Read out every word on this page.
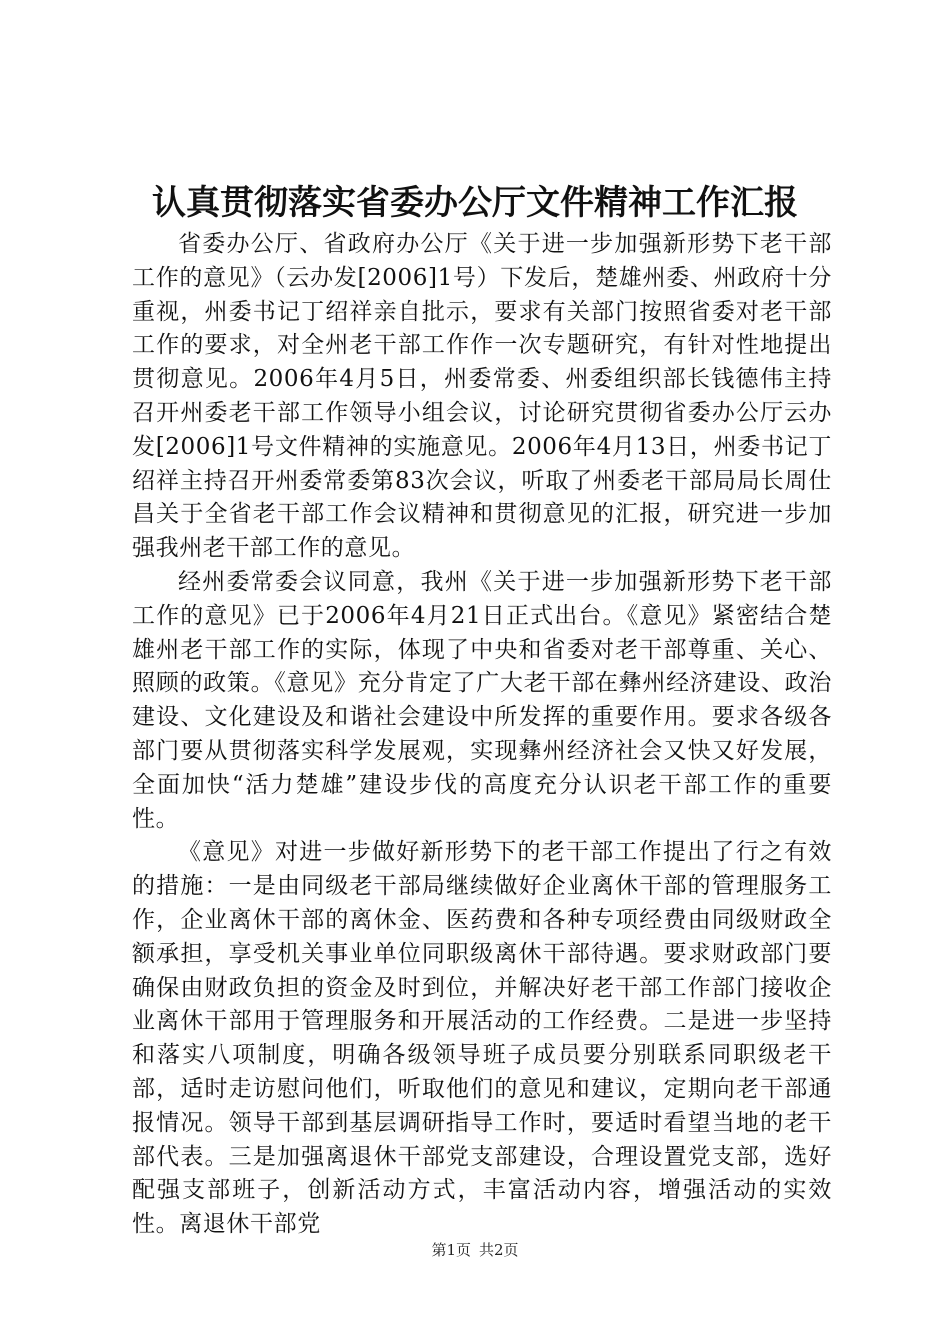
认真贯彻落实省委办公厅文件精神工作汇报

省委办公厅、省政府办公厅《关于进一步加强新形势下老干部工作的意见》（云办发[2006]1号）下发后，楚雄州委、州政府十分重视，州委书记丁绍祥亲自批示，要求有关部门按照省委对老干部工作的要求，对全州老干部工作作一次专题研究，有针对性地提出贯彻意见。2006年4月5日，州委常委、州委组织部长钱德伟主持召开州委老干部工作领导小组会议，讨论研究贯彻省委办公厅云办发[2006]1号文件精神的实施意见。2006年4月13日，州委书记丁绍祥主持召开州委常委第83次会议，听取了州委老干部局局长周仕昌关于全省老干部工作会议精神和贯彻意见的汇报，研究进一步加强我州老干部工作的意见。

经州委常委会议同意，我州《关于进一步加强新形势下老干部工作的意见》已于2006年4月21日正式出台。《意见》紧密结合楚雄州老干部工作的实际，体现了中央和省委对老干部尊重、关心、照顾的政策。《意见》充分肯定了广大老干部在彝州经济建设、政治建设、文化建设及和谐社会建设中所发挥的重要作用。要求各级各部门要从贯彻落实科学发展观，实现彝州经济社会又快又好发展，全面加快“活力楚雄”建设步伐的高度充分认识老干部工作的重要性。

《意见》对进一步做好新形势下的老干部工作提出了行之有效的措施：一是由同级老干部局继续做好企业离休干部的管理服务工作，企业离休干部的离休金、医药费和各种专项经费由同级财政全额承担，享受机关事业单位同职级离休干部待遇。要求财政部门要确保由财政负担的资金及时到位，并解决好老干部工作部门接收企业离休干部用于管理服务和开展活动的工作经费。二是进一步坚持和落实八项制度，明确各级领导班子成员要分别联系同职级老干部，适时走访慰问他们，听取他们的意见和建议，定期向老干部通报情况。领导干部到基层调研指导工作时，要适时看望当地的老干部代表。三是加强离退休干部党支部建设，合理设置党支部，选好配强支部班子，创新活动方式，丰富活动内容，增强活动的实效性。离退休干部党

第1页 共2页
